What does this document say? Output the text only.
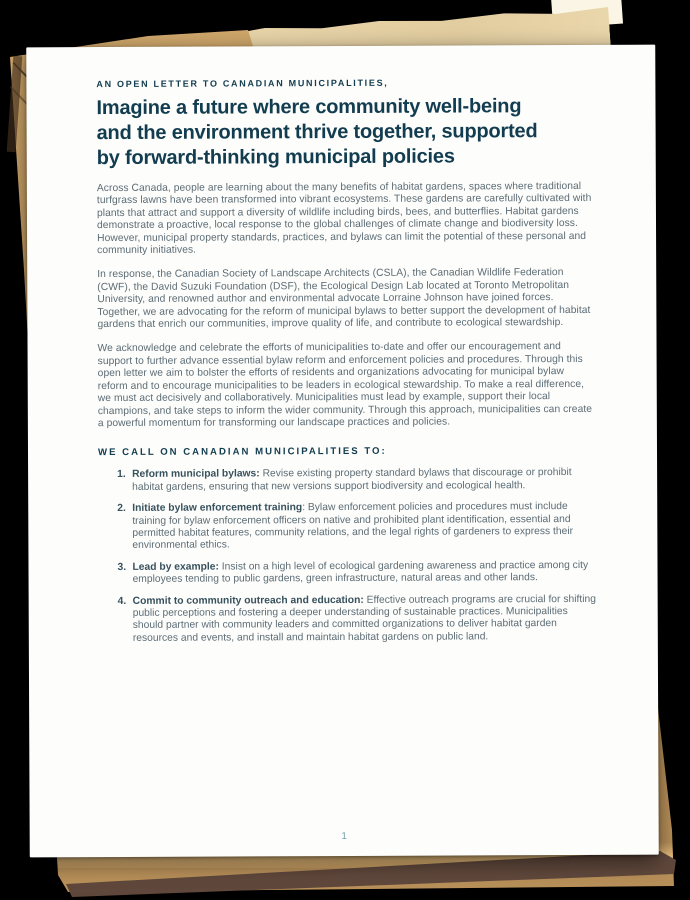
AN OPEN LETTER TO CANADIAN MUNICIPALITIES,

Imagine a future where community well-being
and the environment thrive together, supported
by forward-thinking municipal policies

Across Canada, people are learning about the many benefits of habitat gardens, spaces where traditional turfgrass lawns have been transformed into vibrant ecosystems. These gardens are carefully cultivated with plants that attract and support a diversity of wildlife including birds, bees, and butterflies. Habitat gardens demonstrate a proactive, local response to the global challenges of climate change and biodiversity loss. However, municipal property standards, practices, and bylaws can limit the potential of these personal and community initiatives.

In response, the Canadian Society of Landscape Architects (CSLA), the Canadian Wildlife Federation (CWF), the David Suzuki Foundation (DSF), the Ecological Design Lab located at Toronto Metropolitan University, and renowned author and environmental advocate Lorraine Johnson have joined forces. Together, we are advocating for the reform of municipal bylaws to better support the development of habitat gardens that enrich our communities, improve quality of life, and contribute to ecological stewardship.

We acknowledge and celebrate the efforts of municipalities to-date and offer our encouragement and support to further advance essential bylaw reform and enforcement policies and procedures. Through this open letter we aim to bolster the efforts of residents and organizations advocating for municipal bylaw reform and to encourage municipalities to be leaders in ecological stewardship. To make a real difference, we must act decisively and collaboratively. Municipalities must lead by example, support their local champions, and take steps to inform the wider community. Through this approach, municipalities can create a powerful momentum for transforming our landscape practices and policies.

WE CALL ON CANADIAN MUNICIPALITIES TO:

1. Reform municipal bylaws: Revise existing property standard bylaws that discourage or prohibit habitat gardens, ensuring that new versions support biodiversity and ecological health.
2. Initiate bylaw enforcement training: Bylaw enforcement policies and procedures must include training for bylaw enforcement officers on native and prohibited plant identification, essential and permitted habitat features, community relations, and the legal rights of gardeners to express their environmental ethics.
3. Lead by example: Insist on a high level of ecological gardening awareness and practice among city employees tending to public gardens, green infrastructure, natural areas and other lands.
4. Commit to community outreach and education: Effective outreach programs are crucial for shifting public perceptions and fostering a deeper understanding of sustainable practices. Municipalities should partner with community leaders and committed organizations to deliver habitat garden resources and events, and install and maintain habitat gardens on public land.
1
